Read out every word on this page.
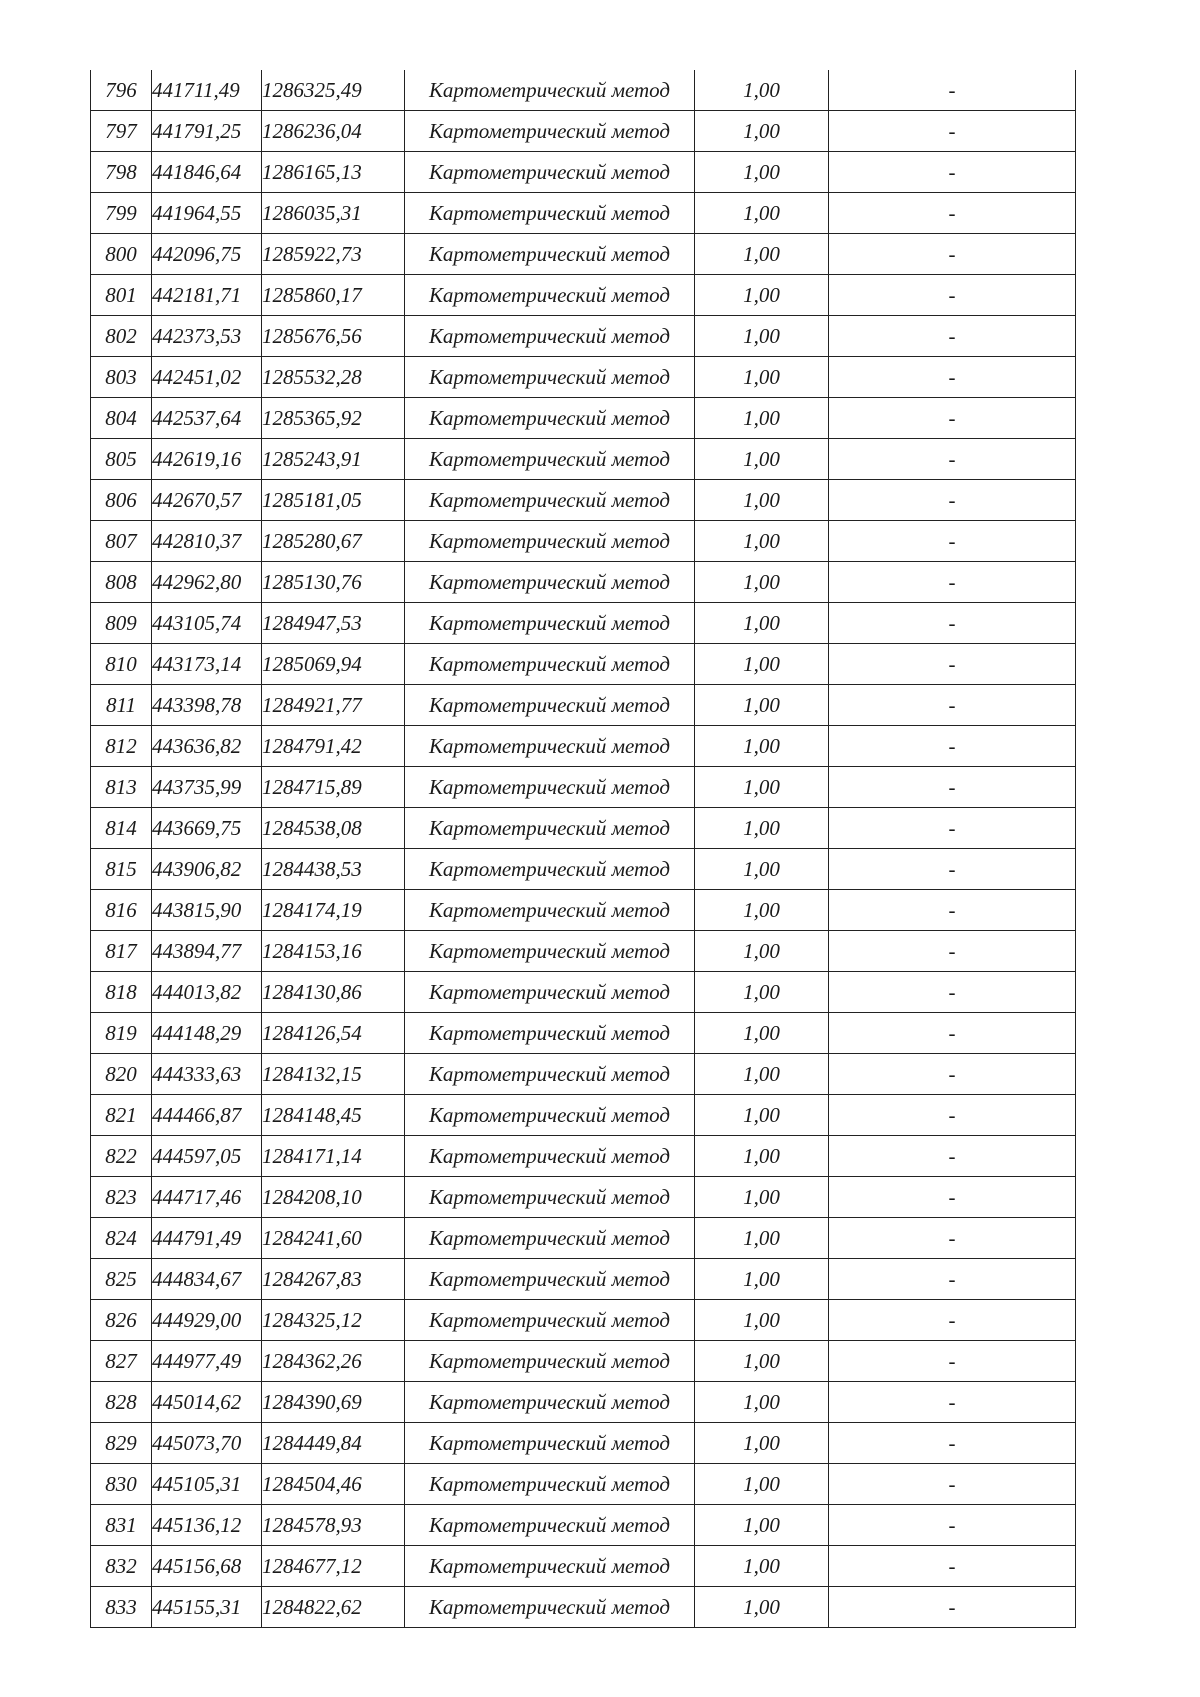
796	441711,49	1286325,49	Картометрический метод	1,00	-
797	441791,25	1286236,04	Картометрический метод	1,00	-
798	441846,64	1286165,13	Картометрический метод	1,00	-
799	441964,55	1286035,31	Картометрический метод	1,00	-
800	442096,75	1285922,73	Картометрический метод	1,00	-
801	442181,71	1285860,17	Картометрический метод	1,00	-
802	442373,53	1285676,56	Картометрический метод	1,00	-
803	442451,02	1285532,28	Картометрический метод	1,00	-
804	442537,64	1285365,92	Картометрический метод	1,00	-
805	442619,16	1285243,91	Картометрический метод	1,00	-
806	442670,57	1285181,05	Картометрический метод	1,00	-
807	442810,37	1285280,67	Картометрический метод	1,00	-
808	442962,80	1285130,76	Картометрический метод	1,00	-
809	443105,74	1284947,53	Картометрический метод	1,00	-
810	443173,14	1285069,94	Картометрический метод	1,00	-
811	443398,78	1284921,77	Картометрический метод	1,00	-
812	443636,82	1284791,42	Картометрический метод	1,00	-
813	443735,99	1284715,89	Картометрический метод	1,00	-
814	443669,75	1284538,08	Картометрический метод	1,00	-
815	443906,82	1284438,53	Картометрический метод	1,00	-
816	443815,90	1284174,19	Картометрический метод	1,00	-
817	443894,77	1284153,16	Картометрический метод	1,00	-
818	444013,82	1284130,86	Картометрический метод	1,00	-
819	444148,29	1284126,54	Картометрический метод	1,00	-
820	444333,63	1284132,15	Картометрический метод	1,00	-
821	444466,87	1284148,45	Картометрический метод	1,00	-
822	444597,05	1284171,14	Картометрический метод	1,00	-
823	444717,46	1284208,10	Картометрический метод	1,00	-
824	444791,49	1284241,60	Картометрический метод	1,00	-
825	444834,67	1284267,83	Картометрический метод	1,00	-
826	444929,00	1284325,12	Картометрический метод	1,00	-
827	444977,49	1284362,26	Картометрический метод	1,00	-
828	445014,62	1284390,69	Картометрический метод	1,00	-
829	445073,70	1284449,84	Картометрический метод	1,00	-
830	445105,31	1284504,46	Картометрический метод	1,00	-
831	445136,12	1284578,93	Картометрический метод	1,00	-
832	445156,68	1284677,12	Картометрический метод	1,00	-
833	445155,31	1284822,62	Картометрический метод	1,00	-
